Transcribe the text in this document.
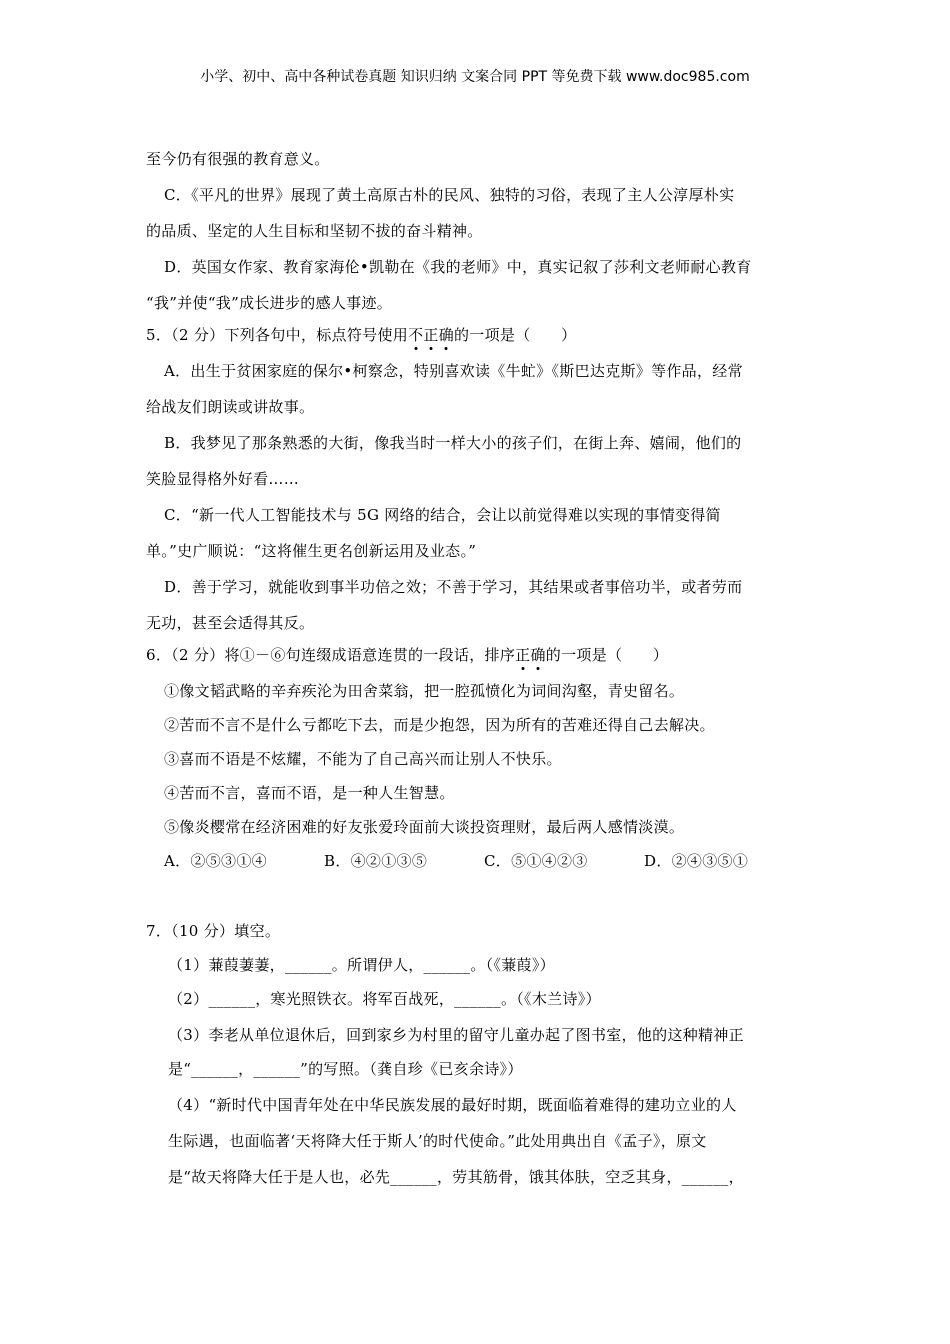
小学、初中、高中各种试卷真题 知识归纳 文案合同 PPT 等免费下载 www.doc985.com
至今仍有很强的教育意义。
C．《平凡的世界》展现了黄土高原古朴的民风、独特的习俗，表现了主人公淳厚朴实
的品质、坚定的人生目标和坚韧不拔的奋斗精神。
D．英国女作家、教育家海伦•凯勒在《我的老师》中，真实记叙了莎利文老师耐心教育
“我”并使“我”成长进步的感人事迹。
5．（2 分）下列各句中，标点符号使用不正确的一项是（　　）
A．出生于贫困家庭的保尔•柯察念，特别喜欢读《牛虻》《斯巴达克斯》等作品，经常
给战友们朗读或讲故事。
B．我梦见了那条熟悉的大街，像我当时一样大小的孩子们，在街上奔、嬉闹，他们的
笑脸显得格外好看……
C．“新一代人工智能技术与 5G 网络的结合，会让以前觉得难以实现的事情变得简
单。”史广顺说：“这将催生更名创新运用及业态。”
D．善于学习，就能收到事半功倍之效；不善于学习，其结果或者事倍功半，或者劳而
无功，甚至会适得其反。
6．（2 分）将①－⑥句连缀成语意连贯的一段话，排序正确的一项是（　　）
①像文韬武略的辛弃疾沦为田舍菜翁，把一腔孤愤化为词间沟壑，青史留名。
②苦而不言不是什么亏都吃下去，而是少抱怨，因为所有的苦难还得自己去解决。
③喜而不语是不炫耀，不能为了自己高兴而让别人不快乐。
④苦而不言，喜而不语，是一种人生智慧。
⑤像炎樱常在经济困难的好友张爱玲面前大谈投资理财，最后两人感情淡漠。
A．②⑤③①④	B．④②①③⑤	C．⑤①④②③	D．②④③⑤①
7．（10 分）填空。
（1）蒹葭萋萋，______。所谓伊人，______。（《蒹葭》）
（2）______，寒光照铁衣。将军百战死，______。（《木兰诗》）
（3）李老从单位退休后，回到家乡为村里的留守儿童办起了图书室，他的这种精神正
是“______，______”的写照。（龚自珍《已亥余诗》）
（4）“新时代中国青年处在中华民族发展的最好时期，既面临着难得的建功立业的人
生际遇，也面临著‘天将降大任于斯人’的时代使命。”此处用典出自《孟子》，原文
是“故天将降大任于是人也，必先______，劳其筋骨，饿其体肤，空乏其身，______，
